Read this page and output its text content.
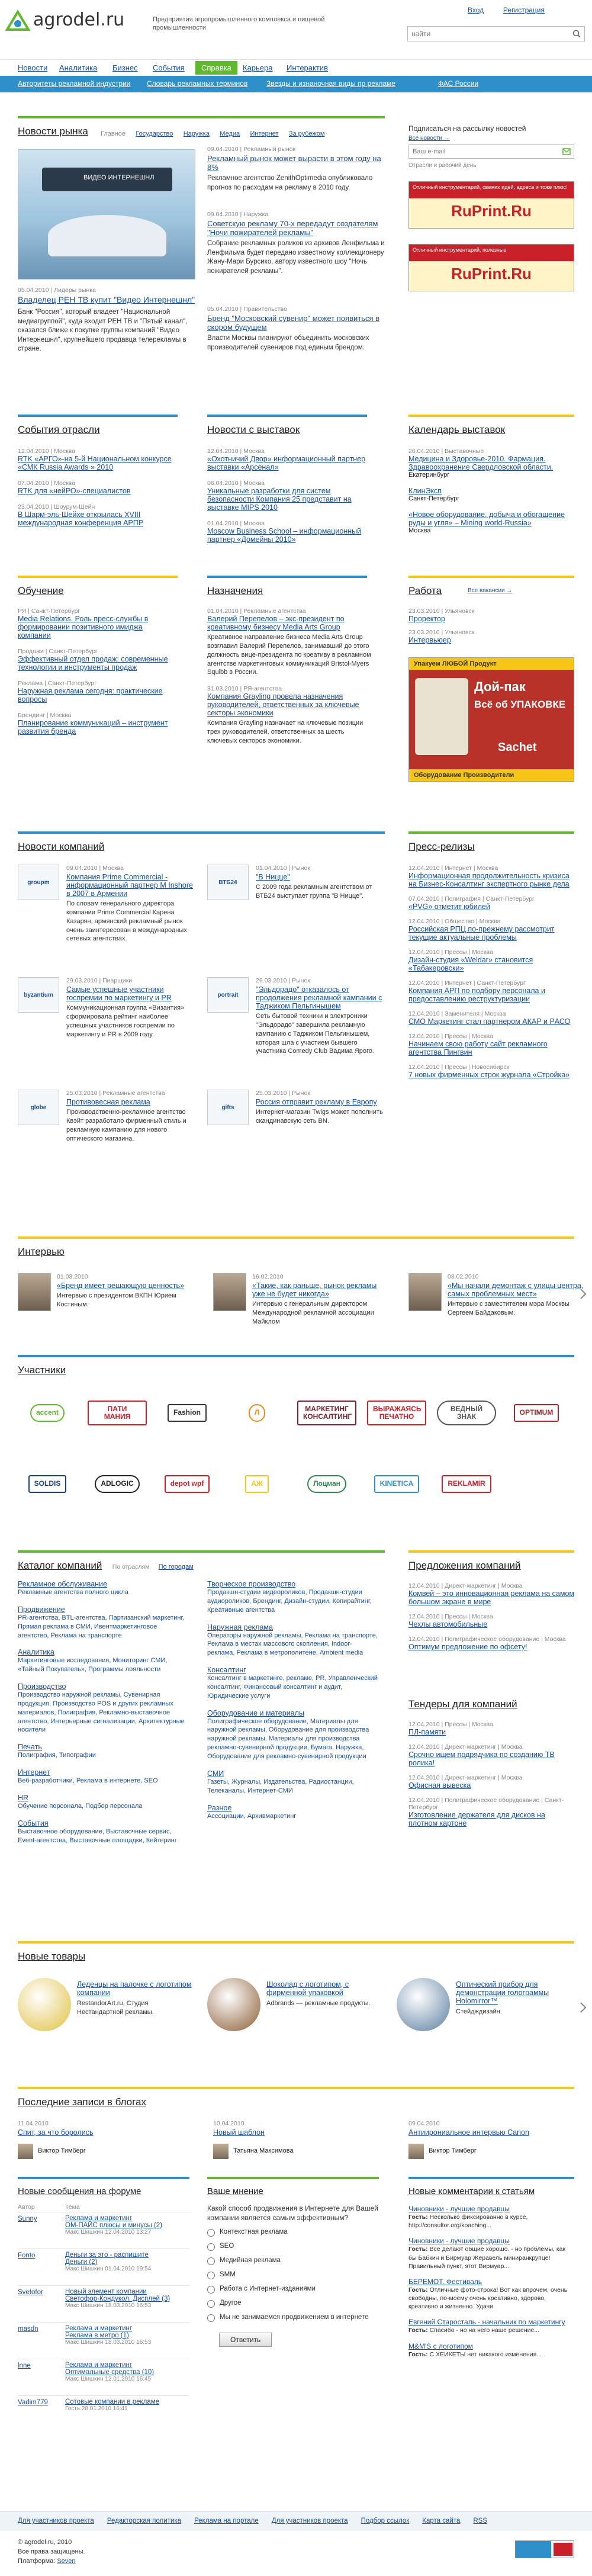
agrodel.ru	Предприятия агропромышленного комплекса и пищевой промышленности
Вход	Регистрация
найти
Новости Аналитика Бизнес События	Справка	Карьера Интерактив
Авторитеты рекламной индустрии Словарь рекламных терминов	Звезды и изнаночная виды пр рекламе	ФАС России
Новости рынка Главное Государство Наружка Медиа Интернет За рубежом
ВИДЕО ИНТЕРНЕШНЛ
05.04.2010 | Лидеры рынка
Владелец РЕН ТВ купит "Видео Интернешнл"
Банк "Россия", который владеет "Национальной медиагруппой", куда входит РЕН ТВ и "Пятый канал", оказался ближе к покупке группы компаний "Видео Интернешнл", крупнейшего продавца телерекламы в стране.
09.04.2010 | Рекламный рынок
Рекламный рынок может вырасти в этом году на 8%
Рекламное агентство ZenithOptimedia опубликовало прогноз по расходам на рекламу в 2010 году.
09.04.2010 | Наружка
Советскую рекламу 70-х передадут создателям "Ночи пожирателей рекламы"
Собрание рекламных роликов из архивов Ленфильма и Ленфильма будет передано известному коллекционеру Жану-Мари Бурсико, автору известного шоу "Ночь пожирателей рекламы".
05.04.2010 | Правительство
Бренд "Московский сувенир" может появиться в скором будущем
Власти Москвы планируют объединить московских производителей сувениров под единым брендом.
Подписаться на рассылку новостей
Все новости →
Ваш e-mail
Отрасли и рабочий день
Отличный инструментарий, свежих идей, адреса и тоже плюс!
RuPrint.Ru
Отличный инструментарий, полезные
RuPrint.Ru
События отрасли
12.04.2010 | Москва
RTK «АРГО»-на 5-й Национальном конкурсе «СМК Russia Awards » 2010
07.04.2010 | Москва
RTK для «нейРО»-специалистов
23.04.2010 | Шоурум-Шейн
В Шарм-эль-Шейхе открылась XVIII международная конференция АРПР
Новости с выставок
12.04.2010 | Москва
«Охотничий Двор» информационный партнер выставки «Арсенал»
06.04.2010 | Москва
Уникальные разработки для систем безопасности Компания 25 представит на выставке MIPS 2010
01.04.2010 | Москва
Moscow Business School – информационный партнер «Домейны 2010»
Календарь выставок
26.04.2010 | Выставочные
Медицина и Здоровье-2010. Фармация. Здравоохранение Свердловской области.
Екатеринбург
КлинЭксп
Санкт-Петербург
«Новое оборудование, добыча и обогащение руды и угля» – Mining world-Russia»
Москва
Обучение
РЯ | Санкт-Петербург
Media Relations. Роль пресс-службы в формировании позитивного имиджа компании
Продажи | Санкт-Петербург
Эффективный отдел продаж: современные технологии и инструменты продаж
Реклама | Санкт-Петербург
Наружная реклама сегодня: практические вопросы
Брендинг | Москва
Планирование коммуникаций – инструмент развития бренда
Назначения
01.04.2010 | Рекламные агентства
Валерий Перепелов – экс-президент по креативному бизнесу Media Arts Group
Креативное направление бизнеса Media Arts Group возглавил Валерий Перепелов, занимавший до этого должность вице-президента по креативу в рекламном агентстве маркетинговых коммуникаций Bristol-Myers Squibb в России.
31.03.2010 | РЯ-агентства
Компания Grayling провела назначения руководителей, ответственных за ключевые секторы экономики
Компания Grayling назначает на ключевые позиции трех руководителей, ответственных за шесть ключевых секторов экономики.
Работа	Все вакансии →
23.03.2010 | Ульяновск
Проректор
23.03.2010 | Ульяновск
Интервьюер
Упакуем ЛЮБОЙ Продукт
Дой-пак
Всё об УПАКОВКЕ
Sachet
Оборудование Производители
Новости компаний	Пресс-релизы
groupm
09.04.2010 | Москва
Компания Prime Commercial - информационный партнер M Inshore в 2007 в Армении
По словам генерального директора компании Prime Commercial Карена Казарян, армянский рекламный рынок очень заинтересован в международных сетевых агентствах.
ВТБ24
01.04.2010 | Рынок
"В Ницце"
С 2009 года рекламным агентством от ВТБ24 выступает группа "В Ницце".
byzantium
29.03.2010 | Пиарщики
Самые успешные участники госпремии по маркетингу и PR
Коммуникационная группа «Византия» сформировала рейтинг наиболее успешных участников госпремии по маркетингу и PR в 2009 году.
portrait
26.03.2010 | Рынок
"Эльдорадо" отказалось от продолжения рекламной кампании с Таджиком Пельгинышем
Сеть бытовой техники и электроники "Эльдорадо" завершила рекламную кампанию с Таджиком Пельгинышем, которая шла с участием бывшего участника Comedy Club Вадима Ярого.
globe
25.03.2010 | Рекламные агентства
Противовесная реклама
Производственно-рекламное агентство Квэйт разработало фирменный стиль и рекламную кампанию для нового оптического магазина.
gifts
25.03.2010 | Рынок
Россия отправит рекламу в Европу
Интернет-магазин Twigs может пополнить скандинавскую сеть BN.
12.04.2010 | Интернет | Москва
Информационная продолжительность кризиса на Бизнес-Консалтинг экспертного рынке дела
07.04.2010 | Полиграфия | Санкт-Петербург
«PVG» отметит юбилей
12.04.2010 | Общество | Москва
Российская РПЦ по-прежнему рассмотрит текущие актуальные проблемы
12.04.2010 | Прессы | Москва
Дизайн-студия «Weldar» становится «Табакеровски»
12.04.2010 | Интернет | Санкт-Петербург
Компания АРП по подбору персонала и предоставлению реструктуризации
12.04.2010 | Заменителя | Москва
СМО Маркетинг стал партнером АКАР и PАСО
12.04.2010 | Прессы | Москва
Начинаем свою работу сайт рекламного агентства Пингвин
12.04.2010 | Прессы | Новосибирск
7 новых фирменных строк журнала «Стройка»
Интервью
01.03.2010
«Бренд имеет решающую ценность»
Интервью с президентом ВКПН Юрием Костиным.
16.02.2010
«Такие, как раньше, рынок рекламы уже не будет никогда»
Интервью с генеральным директором Международной рекламной ассоциации Майклом
08.02.2010
«Мы начали демонтаж с улицы центра, самых проблемных мест»
Интервью с заместителем мэра Москвы Сергеем Байдаковым.
Участники
accent	ПАТИ МАНИЯ	Fashion	Л	МАРКЕТИНГ КОНСАЛТИНГ
ВЫРАЖАЯСЬ ПЕЧАТНО
ВЕДНЫЙ ЗНАК	OPTIMUM
SOLDIS	ADLOGIC	depot wpf	АЖ	Лоцман	KINETICA	REKLAMIR
Каталог компаний По отраслям По городам
Рекламное обслуживание
Рекламные агентства полного цикла
Продвижение
PR-агентства, BTL-агентства, Партизанский маркетинг, Прямая реклама в СМИ, Ивентмаркетинговое агентство, Реклама на транспорте
Аналитика
Маркетинговые исследования, Мониторинг СМИ, «Тайный Покупатель», Программы лояльности
Производство
Производство наружной рекламы, Сувенирная продукция, Производство POS и других рекламных материалов, Полиграфия, Рекламно-выставочное агентство, Интерьерные сигнализации, Архитектурные носители
Печать
Полиграфия, Типографии
Интернет
Веб-разработчики, Реклама в интернете, SEO
HR
Обучение персонала, Подбор персонала
События
Выставочное оборудование, Выставочные сервис, Event-агентства, Выставочные площадки, Кейтеринг
Творческое производство
Продакшн-студии видеороликов, Продакшн-студии аудиороликов, Брендинг, Дизайн-студии, Копирайтинг, Креативные агентства
Наружная реклама
Операторы наружной рекламы, Реклама на транспорте, Реклама в местах массового скопления, Indoor-реклама, Реклама в метрополитене, Ambient media
Консалтинг
Консалтинг в маркетинге, рекламе, PR, Управленческий консалтинг, Финансовый консалтинг и аудит, Юридические услуги
Оборудование и материалы
Полиграфическое оборудование, Материалы для наружной рекламы, Оборудование для производства наружной рекламы, Материалы для производства рекламно-сувенирной продукции, Бумага, Наружка, Оборудование для рекламно-сувенирной продукции
СМИ
Газеты, Журналы, Издательства, Радиостанции, Телеканалы, Интернет-СМИ
Разное
Ассоциации, Архивмаркетинг
Предложения компаний
12.04.2010 | Директ-маркетинг | Москва
Комвей – это инновационная реклама на самом большом экране в мире
12.04.2010 | Прессы | Москва
Чехлы автомобильные
12.04.2010 | Полиграфическое оборудование | Москва
Оптимум предложение по офсету!
Тендеры для компаний
12.04.2010 | Прессы | Москва
ПЛ-памяти
12.04.2010 | Директ-маркетинг | Москва
Срочно ищем подрядчика по созданию ТВ ролика!
12.04.2010 | Директ-маркетинг | Москва
Офисная вывеска
12.04.2010 | Полиграфическое оборудование | Санкт-Петербург
Изготовление держателя для дисков на плотном картоне
Новые товары
Леденцы на палочке с логотипом компании
RestandorArt.ru, Студия Нестандартной рекламы.
Шоколад с логотипом, с фирменной упаковкой
Adbrands — рекламные продукты.
Оптический прибор для демонстрации голограммы Holomirror™
Стейдждизайн.
Последние записи в блогах
11.04.2010
Спит, за что боролись
Виктор Тимберг
10.04.2010
Новый шаблон
Татьяна Максимова
09.04.2010
Антиирониальное интервью Canon
Виктор Тимберг
Новые сообщения на форуме
Автор	Тема
Sunny	Реклама и маркетинг
ОМ-ПАЙС плюсы и минусы (2)
Макс Шишкин 12.04.2010 13:27
Fonto	Деньги за это - распишите
Деньги (2)
Макс Шишкин 01.04.2010 19:54
Svetofor	Новый элемент компании
Светофор-Кондукол, Дисплей (3)
Макс Шишкин 18.03.2010 16:53
masdn	Реклама и маркетинг
Реклама в метро (1)
Макс Шишкин 18.03.2010 16:53
lnne	Реклама и маркетинг
Оптимальные средства (10)
Макс Шишкин 12.01.2010 16:45
Vadim779	Сотовые компании в рекламе
Гость 28.01.2010 16:41
Ваше мнение
Какой способ продвижения в Интернете для Вашей компании является самым эффективным?
Контекстная реклама
SEO
Медийная реклама
SMM
Работа с Интернет-изданиями
Другое
Мы не занимаемся продвижением в интернете
Ответить
Новые комментарии к статьям
Чиновники - лучшие продавцы
Гость: Несколько фиксированно в курсе, http://consultor.org/koaching...
Чиновники - лучшие продавцы
Гость: Все делают общие хорошо. - но проблемы, как бы Бабкин и Бирмуар Жеравель миниранкрупце! Правильный пункт, этот Вирмуар...
БЕРЕМОТ. Фестиваль
Гость: Отличные фото-строка! Вот как впрочем, очень свободны, по-моему очень креативно, здорово, креативно и жизненно. Удачи
Евгений Старосталь - начальник по маркетингу
Гость: Спасибо - но на него наше решение...
M&M'S с логотипом
Гость: С ХЕИКЕТЫ нет никакого изменения...
Для участников проекта Редакторская политика Реклама на портале Для участников проекта Подбор ссылок Карта сайта RSS
© agrodel.ru, 2010
Все права защищены.
Платформа: Seven
